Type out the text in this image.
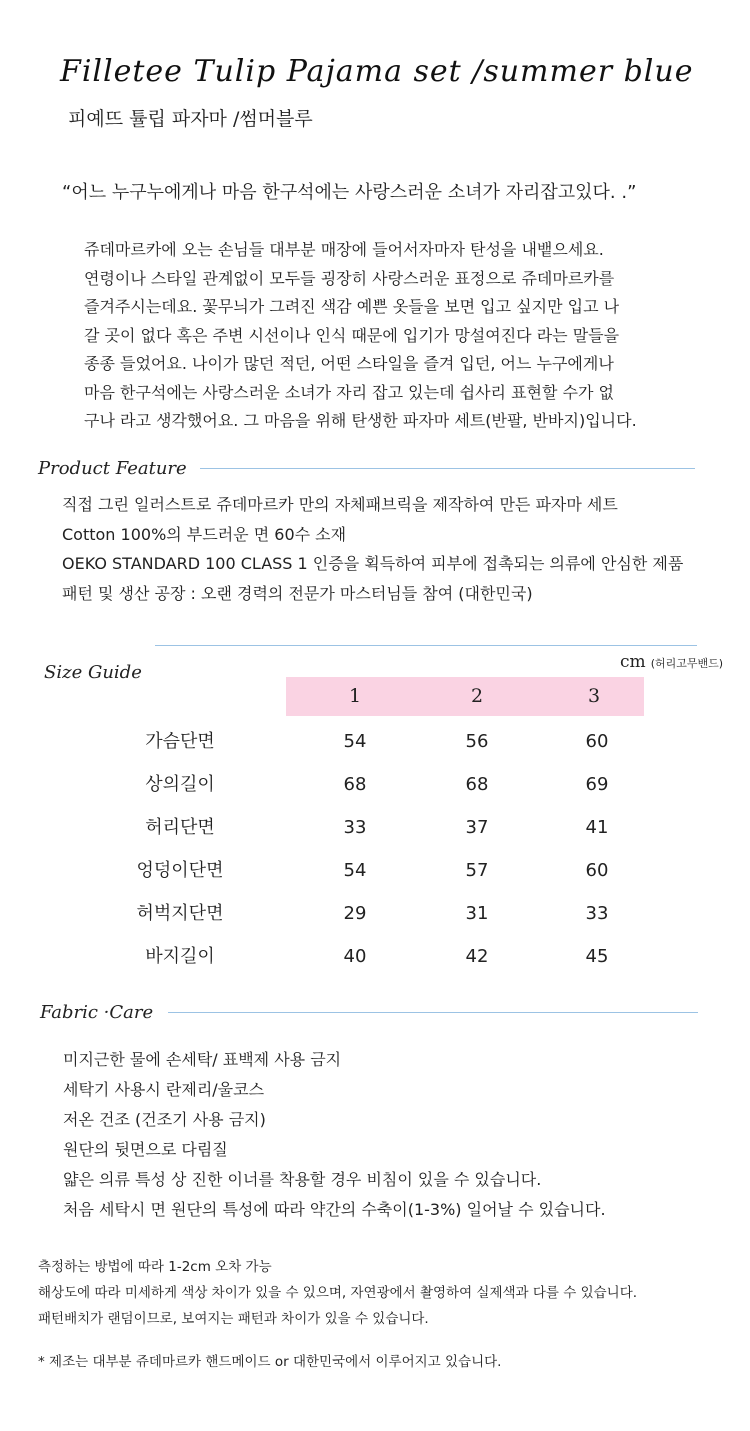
Filletee Tulip Pajama set /summer blue
피예뜨 튤립 파자마 /썸머블루
“어느 누구누에게나 마음 한구석에는 사랑스러운 소녀가 자리잡고있다. .”
쥬데마르카에 오는 손님들 대부분 매장에 들어서자마자 탄성을 내뱉으세요.
연령이나 스타일 관계없이 모두들 굉장히 사랑스러운 표정으로 쥬데마르카를
즐겨주시는데요. 꽃무늬가 그려진 색감 예쁜 옷들을 보면 입고 싶지만 입고 나
갈 곳이 없다 혹은 주변 시선이나 인식 때문에 입기가 망설여진다 라는 말들을
종종 들었어요. 나이가 많던 적던, 어떤 스타일을 즐겨 입던, 어느 누구에게나
마음 한구석에는 사랑스러운 소녀가 자리 잡고 있는데 쉽사리 표현할 수가 없
구나 라고 생각했어요. 그 마음을 위해 탄생한 파자마 세트(반팔, 반바지)입니다.
Product Feature
직접 그린 일러스트로 쥬데마르카 만의 자체패브릭을 제작하여 만든 파자마 세트
Cotton 100%의 부드러운 면 60수 소재
OEKO STANDARD 100 CLASS 1 인증을 획득하여 피부에 접촉되는 의류에 안심한 제품
패턴 및 생산 공장 : 오랜 경력의 전문가 마스터님들 참여 (대한민국)
Size Guide	cm (허리고무밴드)
1	2	3
가슴단면	54	56	60
상의길이	68	68	69
허리단면	33	37	41
엉덩이단면	54	57	60
허벅지단면	29	31	33
바지길이	40	42	45
Fabric ·Care
미지근한 물에 손세탁/ 표백제 사용 금지
세탁기 사용시 란제리/울코스
저온 건조 (건조기 사용 금지)
원단의 뒷면으로 다림질
얇은 의류 특성 상 진한 이너를 착용할 경우 비침이 있을 수 있습니다.
처음 세탁시 면 원단의 특성에 따라 약간의 수축이(1-3%) 일어날 수 있습니다.
측정하는 방법에 따라 1-2cm 오차 가능
해상도에 따라 미세하게 색상 차이가 있을 수 있으며, 자연광에서 촬영하여 실제색과 다를 수 있습니다.
패턴배치가 랜덤이므로, 보여지는 패턴과 차이가 있을 수 있습니다.
* 제조는 대부분 쥬데마르카 핸드메이드 or 대한민국에서 이루어지고 있습니다.
